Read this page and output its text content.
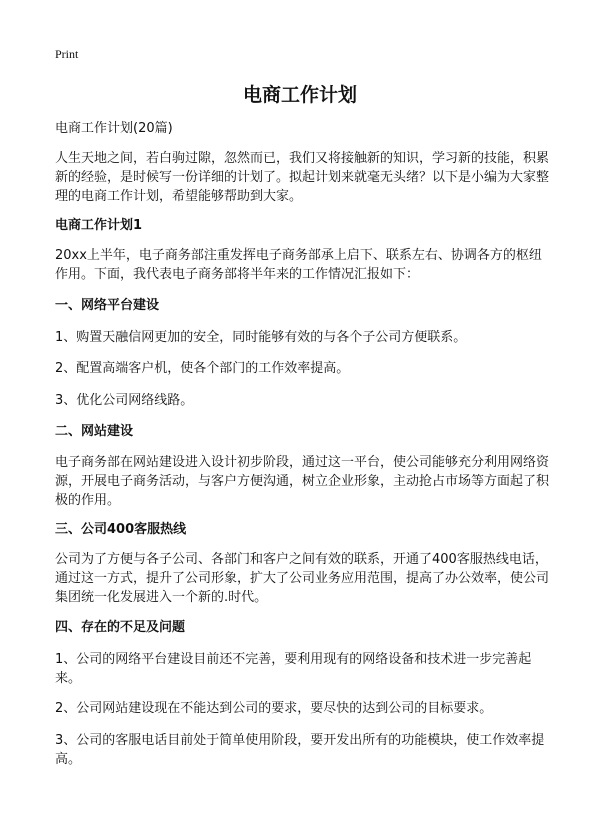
Print
电商工作计划
电商工作计划(20篇)
人生天地之间，若白驹过隙，忽然而已，我们又将接触新的知识，学习新的技能，积累新的经验，是时候写一份详细的计划了。拟起计划来就毫无头绪？以下是小编为大家整理的电商工作计划，希望能够帮助到大家。
电商工作计划1
20xx上半年，电子商务部注重发挥电子商务部承上启下、联系左右、协调各方的枢纽作用。下面，我代表电子商务部将半年来的工作情况汇报如下：
一、网络平台建设
1、购置天融信网更加的安全，同时能够有效的与各个子公司方便联系。
2、配置高端客户机，使各个部门的工作效率提高。
3、优化公司网络线路。
二、网站建设
电子商务部在网站建设进入设计初步阶段，通过这一平台，使公司能够充分利用网络资源，开展电子商务活动，与客户方便沟通，树立企业形象，主动抢占市场等方面起了积极的作用。
三、公司400客服热线
公司为了方便与各子公司、各部门和客户之间有效的联系，开通了400客服热线电话，通过这一方式，提升了公司形象，扩大了公司业务应用范围，提高了办公效率，使公司集团统一化发展进入一个新的.时代。
四、存在的不足及问题
1、公司的网络平台建设目前还不完善，要利用现有的网络设备和技术进一步完善起来。
2、公司网站建设现在不能达到公司的要求，要尽快的达到公司的目标要求。
3、公司的客服电话目前处于简单使用阶段，要开发出所有的功能模块，使工作效率提高。
